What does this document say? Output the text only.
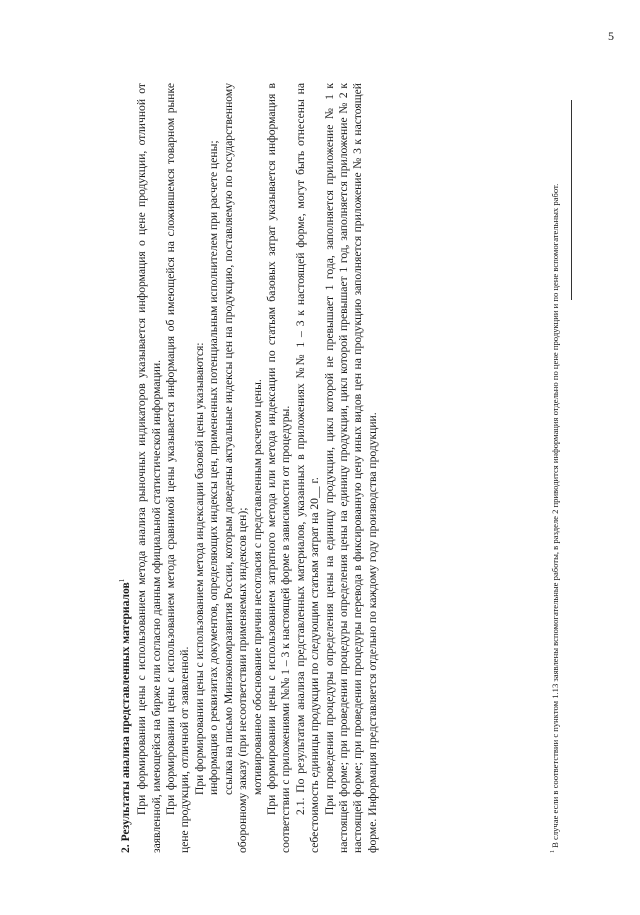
5

2. Результаты анализа представленных материалов$^1$ При формировании цены с использованием метода анализа рыночных индикаторов указывается информация о цене продукции, отличной от заявленной, имеющейся на бирже или согласно данным официальной статистической информации. При формировании цены с использованием метода сравнимой цены указывается информация об имеющейся на сложившемся товарном рынке цене продукции, отличной от заявленной. При формировании цены с использованием метода индексации базовой цены указываются: информация о реквизитах документов, определяющих индексы цен, примененных потенциальным исполнителем при расчете цены; ссылка на письмо Минэкономразвития России, которым доведены актуальные индексы цен на продукцию, поставляемую по государственному оборонному заказу (при несоответствии применяемых индексов цен); мотивированное обоснование причин несогласия с представленным расчетом цены. При формировании цены с использованием затратного метода или метода индексации по статьям базовых затрат указывается информация в соответствии с приложениями №№ 1 – 3 к настоящей форме в зависимости от процедуры. 2.1. По результатам анализа представленных материалов, указанных в приложениях №№ 1 – 3 к настоящей форме, могут быть отнесены на себестоимость единицы продукции по следующим статьям затрат на 20__ г. При проведении процедуры определения цены на единицу продукции, цикл которой не превышает 1 года, заполняется приложение № 1 к настоящей форме; при проведении процедуры определения цены на единицу продукции, цикл которой превышает 1 год, заполняется приложение № 2 к настоящей форме; при проведении процедуры перевода в фиксированную цену иных видов цен на продукцию заполняется приложение № 3 к настоящей форме. Информация представляется отдельно по каждому году производства продукции.	$^1$ В случае если в соответствии с пунктом 1.13 заявлены вспомогательные работы, в разделе 2 приводится информация отдельно по цене продукции и по цене вспомогательных работ.
